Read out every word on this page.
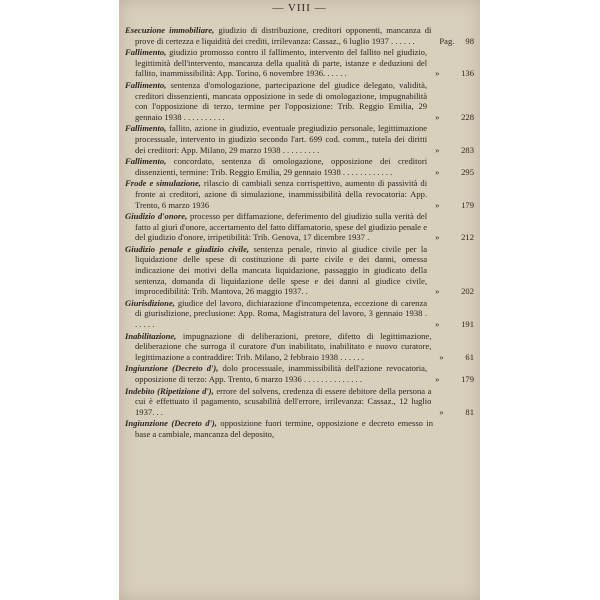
— VIII —
Esecuzione immobiliare, giudizio di distribuzione, creditori opponenti, mancanza di prove di certezza e liquidità dei crediti, irrilevanza: Cassaz., 6 luglio 1937 . . . . . .	Pag.	98
Fallimento, giudizio promosso contro il fallimento, intervento del fallito nel giudizio, legittimità dell'intervento, mancanza della qualità di parte, istanze e deduzioni del fallito, inammissibilità: App. Torino, 6 novembre 1936. . . . . .	»	136
Fallimento, sentenza d'omologazione, partecipazione del giudice delegato, validità, creditori dissenzienti, mancata opposizione in sede di omologazione, impugnabilità con l'opposizione di terzo, termine per l'opposizione: Trib. Reggio Emilia, 29 gennaio 1938 . . . . . . . . . .	»	228
Fallimento, fallito, azione in giudizio, eventuale pregiudizio personale, legittimazione processuale, intervento in giudizio secondo l'art. 699 cod. comm., tutela dei diritti dei creditori: App. Milano, 29 marzo 1938 . . . . . . . . .	»	283
Fallimento, concordato, sentenza di omologazione, opposizione dei creditori dissenzienti, termine: Trib. Reggio Emilia, 29 gennaio 1938 . . . . . . . . . . . .	»	295
Frode e simulazione, rilascio di cambiali senza corrispettivo, aumento di passività di fronte ai creditori, azione di simulazione, inammissibilità della revocatoria: App. Trento, 6 marzo 1936	»	179
Giudizio d'onore, processo per diffamazione, deferimento del giudizio sulla verità del fatto al giurì d'onore, accertamento del fatto diffamatorio, spese del giudizio penale e del giudizio d'onore, irripetibilità: Trib. Genova, 17 dicembre 1937 .	»	212
Giudizio penale e giudizio civile, sentenza penale, rinvio al giudice civile per la liquidazione delle spese di costituzione di parte civile e dei danni, omessa indicazione dei motivi della mancata liquidazione, passaggio in giudicato della sentenza, domanda di liquidazione delle spese e dei danni al giudice civile, improcedibilità: Trib. Mantova, 26 maggio 1937. .	»	202
Giurisdizione, giudice del lavoro, dichiarazione d'incompetenza, eccezione di carenza di giurisdizione, preclusione: App. Roma, Magistratura del lavoro, 3 gennaio 1938 . . . . . .	»	191
Inabilitazione, impugnazione di deliberazioni, pretore, difetto di legittimazione, deliberazione che surroga il curatore d'un inabilitato, inabilitato e nuovo curatore, legittimazione a contraddire: Trib. Milano, 2 febbraio 1938 . . . . . .	»	61
Ingiunzione (Decreto d'), dolo processuale, inammissibilità dell'azione revocatoria, opposizione di terzo: App. Trento, 6 marzo 1936 . . . . . . . . . . . . . .	»	179
Indebito (Ripetizione d'), errore del solvens, credenza di essere debitore della persona a cui è effettuato il pagamento, scusabilità dell'errore, irrilevanza: Cassaz., 12 luglio 1937. . .	»	81
Ingiunzione (Decreto d'), opposizione fuori termine, opposizione e decreto emesso in base a cambiale, mancanza del deposito,
